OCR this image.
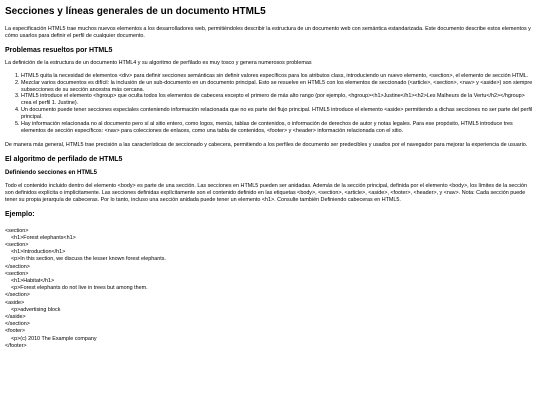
Secciones y líneas generales de un documento HTML5

La especificación HTML5 trae muchos nuevos elementos a los desarrolladores web, permitiéndoles describir la estructura de un documento web con semántica estandarizada. Este documento describe estos elementos y cómo usarlos para definir el perfil de cualquier documento.

Problemas resueltos por HTML5

La definición de la estructura de un documento HTML4 y su algoritmo de perfilado es muy tosco y genera numerosos problemas

1. HTML5 quita la necesidad de elementos <div> para definir secciones semánticas sin definir valores específicos para los atributos class, introduciendo un nuevo elemento, <section>, el elemento de sección HTML.
2. Mezclar varios documentos es difícil: la inclusión de un sub-documento en un documento principal. Esto se resuelve en HTML5 con los elementos de seccionado (<article>, <section>, <nav> y <aside>) son siempre subsecciones de su sección ancestra más cercana.
3. HTML5 introduce el elemento <hgroup> que oculta todos los elementos de cabecera excepto el primero de más alto rango (por ejemplo, <hgroup><h1>Justine</h1><h2>Les Malheurs de la Vertu</h2></hgroup> crea el perfil 1. Justine).
4. Un documento puede tener secciones especiales conteniendo información relacionada que no es parte del flujo principal. HTML5 introduce el elemento <aside> permitiendo a dichas secciones no ser parte del perfil principal.
5. Hay información relacionada no al documento pero sí al sitio entero, como logos, menús, tablas de contenidos, o información de derechos de autor y notas legales. Para ese propósito, HTML5 introduce tres elementos de sección específicos: <nav> para colecciones de enlaces, como una tabla de contenidos, <footer> y <header> información relacionada con el sitio.

De manera más general, HTML5 trae precisión a las características de seccionado y cabecera, permitiendo a los perfiles de documento ser predecibles y usados por el navegador para mejorar la experiencia de usuario.

El algoritmo de perfilado de HTML5
Definiendo secciones en HTML5

Todo el contenido incluido dentro del elemento <body> es parte de una sección. Las secciones en HTML5 pueden ser anidadas. Además de la sección principal, definida por el elemento <body>, los límites de la sección son definidos explícita o implícitamente. Las secciones definidas explícitamente son el contenido definido en las etiquetas <body>, <section>, <article>, <aside>, <footer>, <header>, y <nav>. Nota: Cada sección puede tener su propia jerarquía de cabeceras. Por lo tanto, incluso una sección anidada puede tener un elemento <h1>. Consulte también Definiendo cabeceras en HTML5.

Ejemplo:
<section>
<h1>Forest elephants<h1>
<section>
<h1>Introduction</h1>
<p>In this section, we discuss the lesser known forest elephants.
</section>
<section>
<h1>Habitat</h1>
<p>Forest elephants do not live in trees but among them.
</section>
<aside>
<p>advertising block
</aside>
</section>
<footer>
<p>(c) 2010 The Example company
</footer>
